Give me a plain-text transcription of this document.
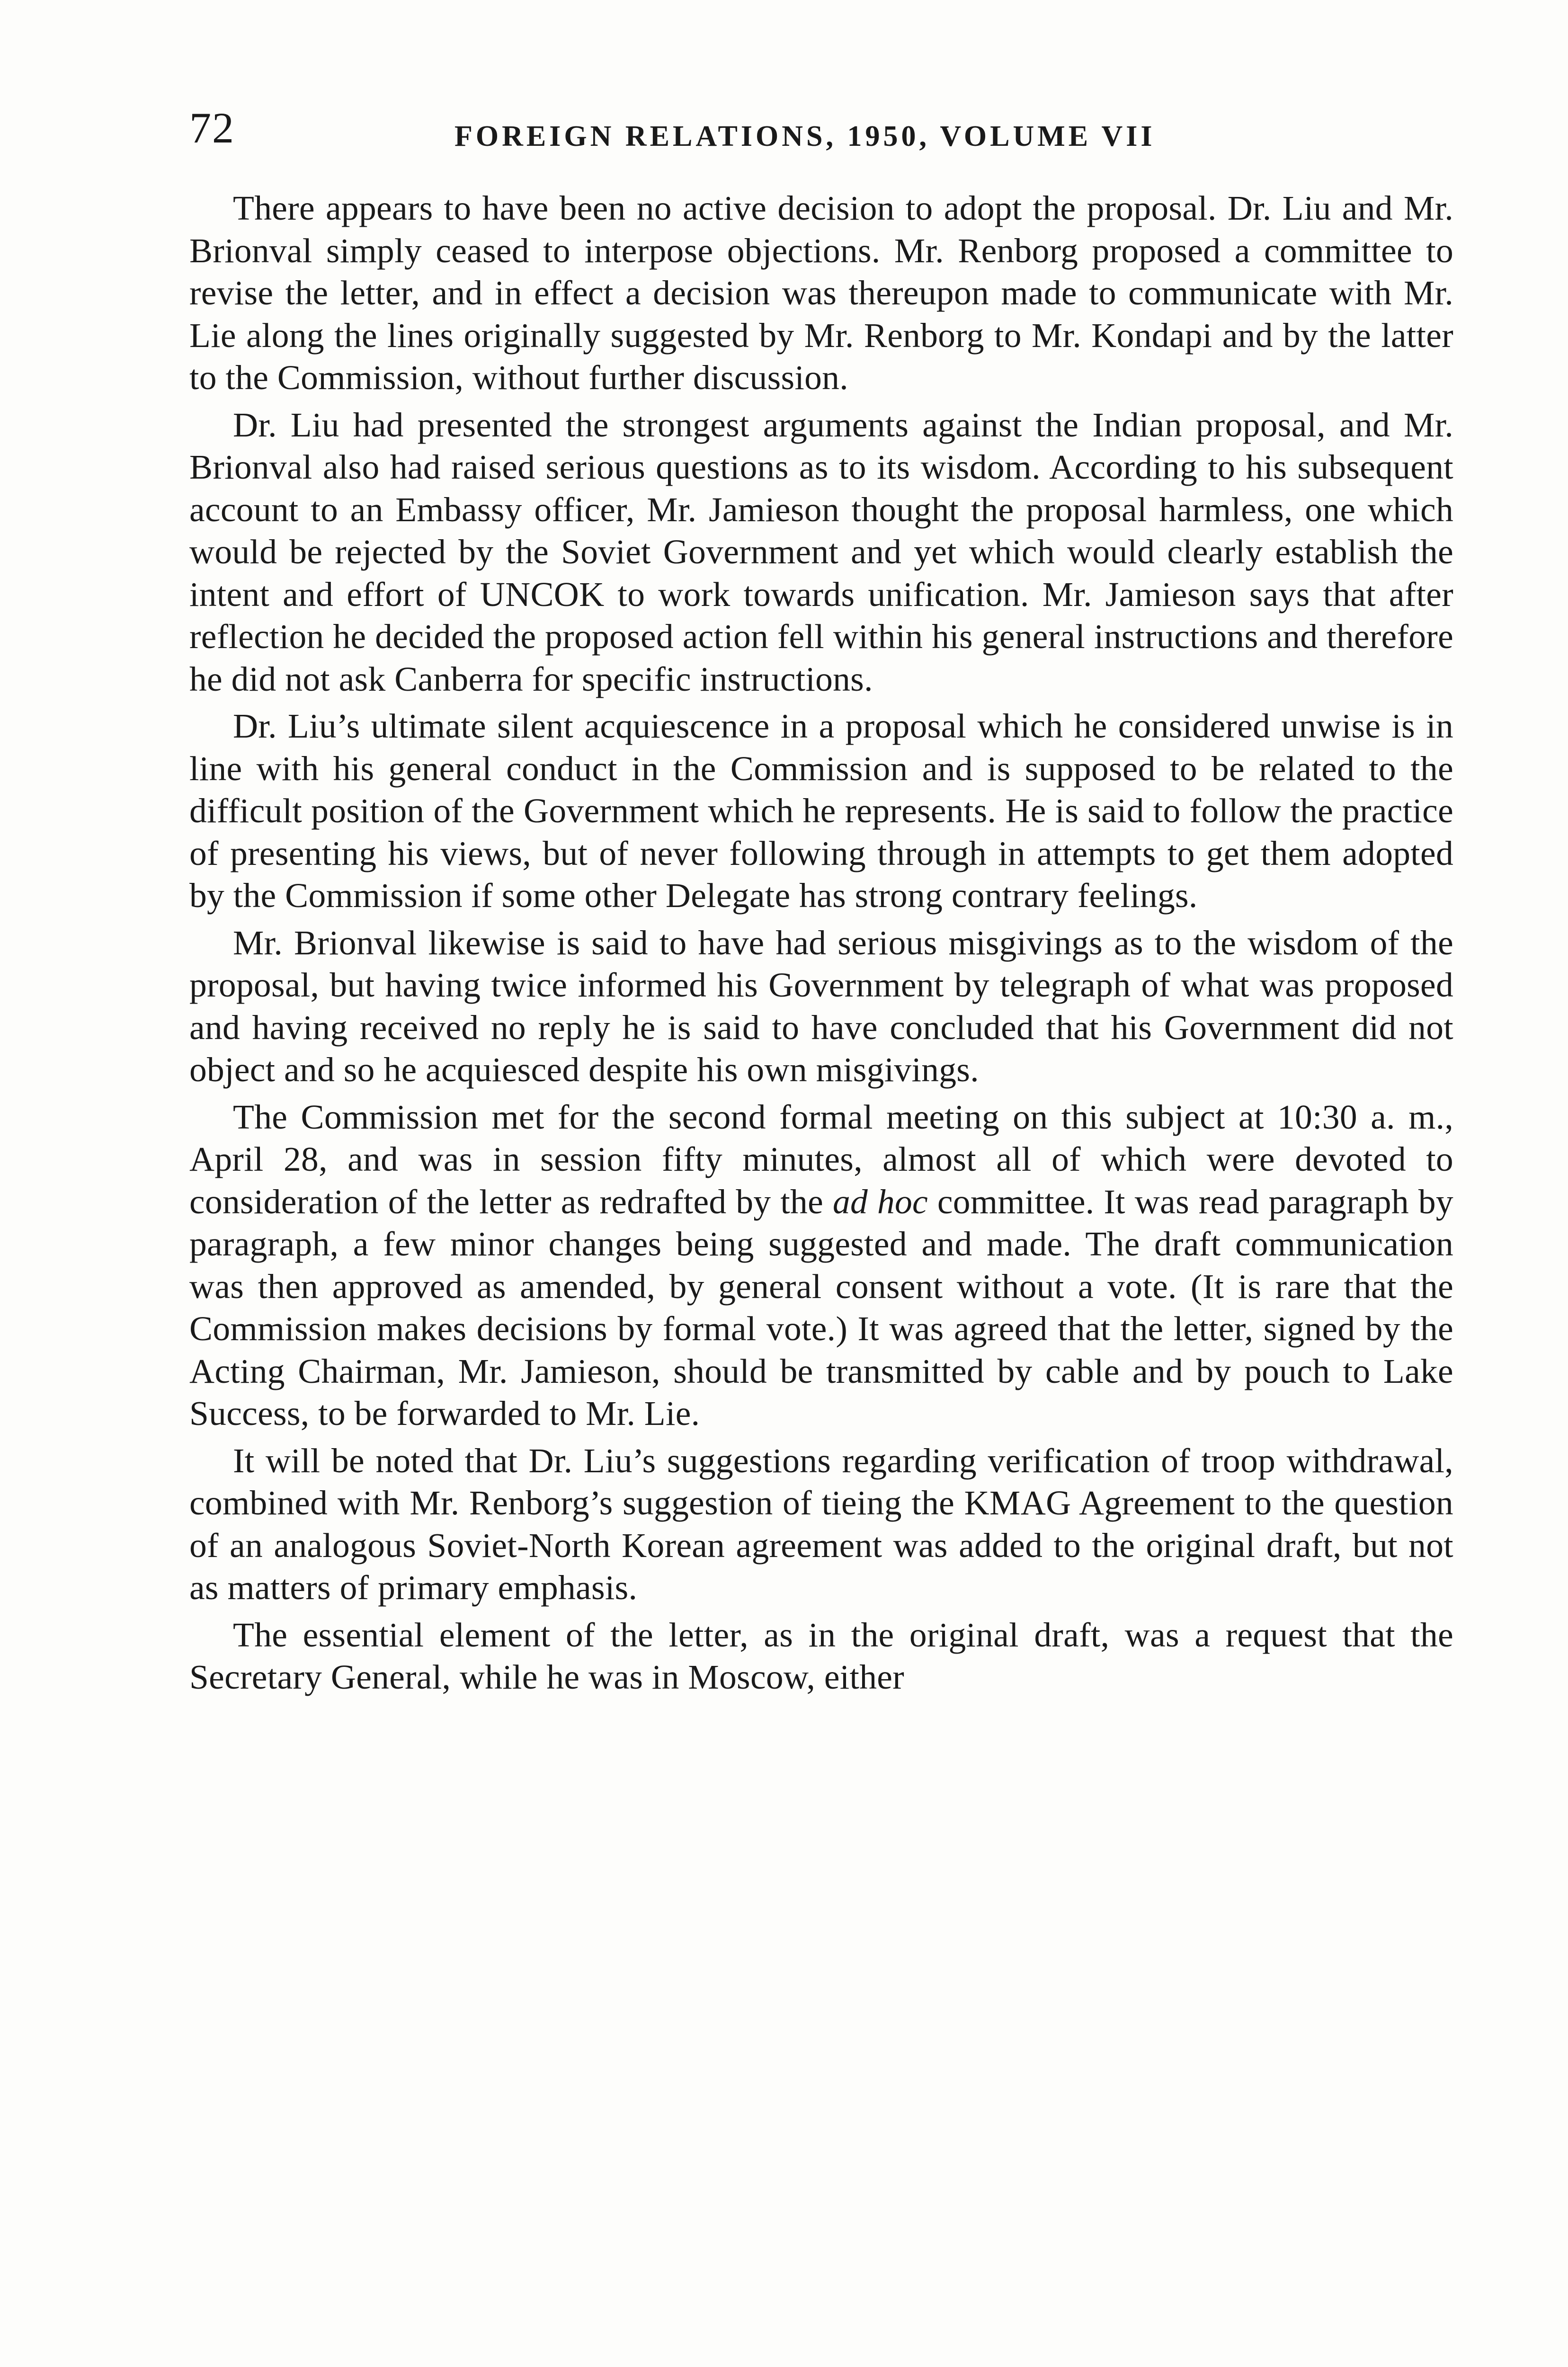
72	FOREIGN RELATIONS, 1950, VOLUME VII

There appears to have been no active decision to adopt the proposal. Dr. Liu and Mr. Brionval simply ceased to interpose objections. Mr. Renborg proposed a committee to revise the letter, and in effect a decision was thereupon made to communicate with Mr. Lie along the lines originally suggested by Mr. Renborg to Mr. Kondapi and by the latter to the Commission, without further discussion.

Dr. Liu had presented the strongest arguments against the Indian proposal, and Mr. Brionval also had raised serious questions as to its wisdom. According to his subsequent account to an Embassy officer, Mr. Jamieson thought the proposal harmless, one which would be rejected by the Soviet Government and yet which would clearly establish the intent and effort of UNCOK to work towards unification. Mr. Jamieson says that after reflection he decided the proposed action fell within his general instructions and therefore he did not ask Canberra for specific instructions.

Dr. Liu’s ultimate silent acquiescence in a proposal which he considered unwise is in line with his general conduct in the Commission and is supposed to be related to the difficult position of the Government which he represents. He is said to follow the practice of presenting his views, but of never following through in attempts to get them adopted by the Commission if some other Delegate has strong contrary feelings.

Mr. Brionval likewise is said to have had serious misgivings as to the wisdom of the proposal, but having twice informed his Government by telegraph of what was proposed and having received no reply he is said to have concluded that his Government did not object and so he acquiesced despite his own misgivings.

The Commission met for the second formal meeting on this subject at 10:30 a. m., April 28, and was in session fifty minutes, almost all of which were devoted to consideration of the letter as redrafted by the ad hoc committee. It was read paragraph by paragraph, a few minor changes being suggested and made. The draft communication was then approved as amended, by general consent without a vote. (It is rare that the Commission makes decisions by formal vote.) It was agreed that the letter, signed by the Acting Chairman, Mr. Jamieson, should be transmitted by cable and by pouch to Lake Success, to be forwarded to Mr. Lie.

It will be noted that Dr. Liu’s suggestions regarding verification of troop withdrawal, combined with Mr. Renborg’s suggestion of tieing the KMAG Agreement to the question of an analogous Soviet-North Korean agreement was added to the original draft, but not as matters of primary emphasis.

The essential element of the letter, as in the original draft, was a request that the Secretary General, while he was in Moscow, either
